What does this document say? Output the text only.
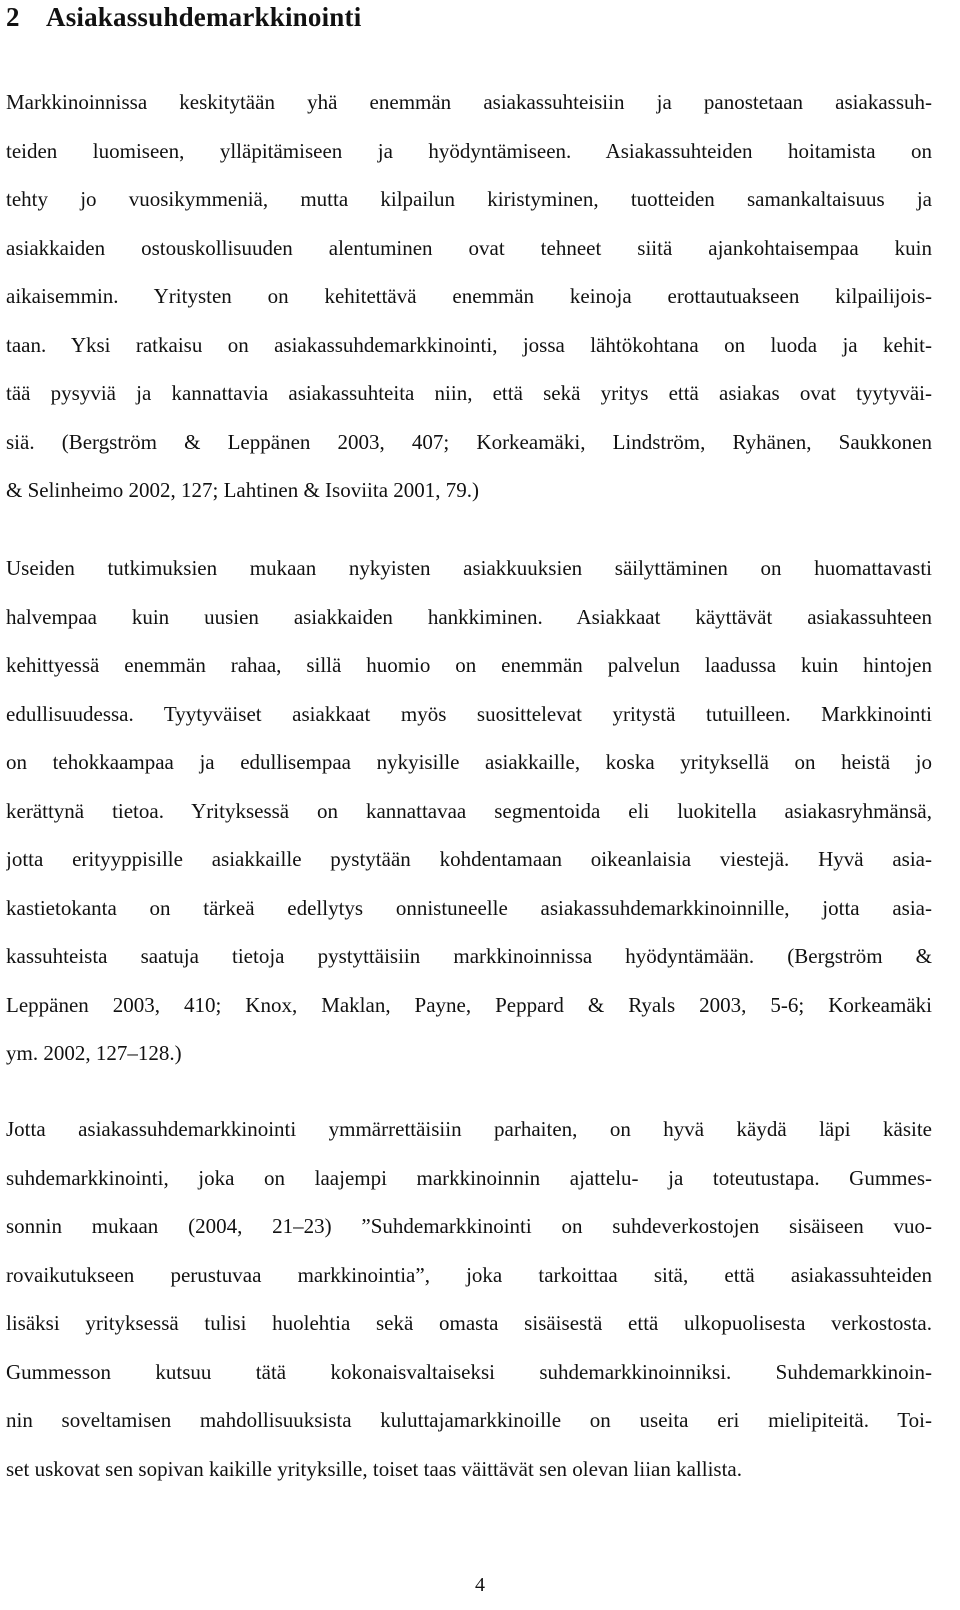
2 Asiakassuhdemarkkinointi
Markkinoinnissa keskitytään yhä enemmän asiakassuhteisiin ja panostetaan asiakassuh-
teiden luomiseen, ylläpitämiseen ja hyödyntämiseen. Asiakassuhteiden hoitamista on
tehty jo vuosikymmeniä, mutta kilpailun kiristyminen, tuotteiden samankaltaisuus ja
asiakkaiden ostouskollisuuden alentuminen ovat tehneet siitä ajankohtaisempaa kuin
aikaisemmin. Yritysten on kehitettävä enemmän keinoja erottautuakseen kilpailijois-
taan. Yksi ratkaisu on asiakassuhdemarkkinointi, jossa lähtökohtana on luoda ja kehit-
tää pysyviä ja kannattavia asiakassuhteita niin, että sekä yritys että asiakas ovat tyytyväi-
siä. (Bergström & Leppänen 2003, 407; Korkeamäki, Lindström, Ryhänen, Saukkonen
& Selinheimo 2002, 127; Lahtinen & Isoviita 2001, 79.)
Useiden tutkimuksien mukaan nykyisten asiakkuuksien säilyttäminen on huomattavasti
halvempaa kuin uusien asiakkaiden hankkiminen. Asiakkaat käyttävät asiakassuhteen
kehittyessä enemmän rahaa, sillä huomio on enemmän palvelun laadussa kuin hintojen
edullisuudessa. Tyytyväiset asiakkaat myös suosittelevat yritystä tutuilleen. Markkinointi
on tehokkaampaa ja edullisempaa nykyisille asiakkaille, koska yrityksellä on heistä jo
kerättynä tietoa. Yrityksessä on kannattavaa segmentoida eli luokitella asiakasryhmänsä,
jotta erityyppisille asiakkaille pystytään kohdentamaan oikeanlaisia viestejä. Hyvä asia-
kastietokanta on tärkeä edellytys onnistuneelle asiakassuhdemarkkinoinnille, jotta asia-
kassuhteista saatuja tietoja pystyttäisiin markkinoinnissa hyödyntämään. (Bergström &
Leppänen 2003, 410; Knox, Maklan, Payne, Peppard & Ryals 2003, 5-6; Korkeamäki
ym. 2002, 127–128.)
Jotta asiakassuhdemarkkinointi ymmärrettäisiin parhaiten, on hyvä käydä läpi käsite
suhdemarkkinointi, joka on laajempi markkinoinnin ajattelu- ja toteutustapa. Gummes-
sonnin mukaan (2004, 21–23) ”Suhdemarkkinointi on suhdeverkostojen sisäiseen vuo-
rovaikutukseen perustuvaa markkinointia”, joka tarkoittaa sitä, että asiakassuhteiden
lisäksi yrityksessä tulisi huolehtia sekä omasta sisäisestä että ulkopuolisesta verkostosta.
Gummesson kutsuu tätä kokonaisvaltaiseksi suhdemarkkinoinniksi. Suhdemarkkinoin-
nin soveltamisen mahdollisuuksista kuluttajamarkkinoille on useita eri mielipiteitä. Toi-
set uskovat sen sopivan kaikille yrityksille, toiset taas väittävät sen olevan liian kallista.
4
